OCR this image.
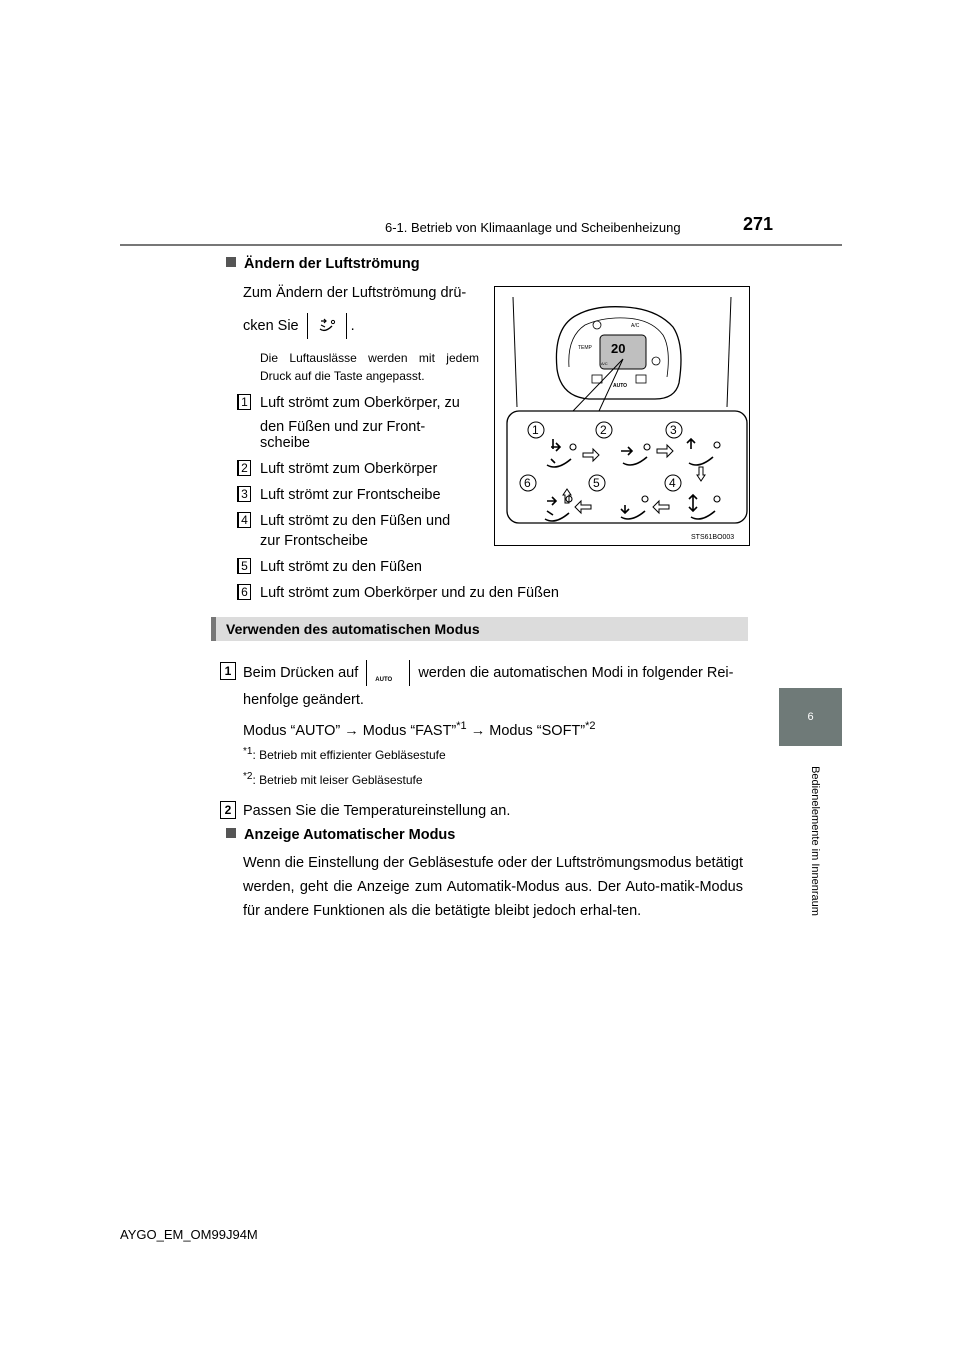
6-1. Betrieb von Klimaanlage und Scheibenheizung	271
6
Bedienelemente im Innenraum
Ändern der Luftströmung
Zum Ändern der Luftströmung drü-
cken Sie	.
Die Luftauslässe werden mit jedem Druck auf die Taste angepasst.
1 Luft strömt zum Oberkörper, zu
den Füßen und zur Front-
scheibe
2 Luft strömt zum Oberkörper
3 Luft strömt zur Frontscheibe
4 Luft strömt zu den Füßen und
zur Frontscheibe
5 Luft strömt zu den Füßen
6 Luft strömt zum Oberkörper und zu den Füßen
20
TEMP
A/C
A/C
AUTO
1	2	3
6	5	4
STS61BO003
Verwenden des automatischen Modus
1 Beim Drücken auf	AUTO werden die automatischen Modi in folgender Rei-
henfolge geändert.
Modus “AUTO” → Modus “FAST”$^{*1}$ → Modus “SOFT”$^{*2}$
$^{*1}$: Betrieb mit effizienter Gebläsestufe
$^{*2}$: Betrieb mit leiser Gebläsestufe
2 Passen Sie die Temperatureinstellung an.
Anzeige Automatischer Modus
Wenn die Einstellung der Gebläsestufe oder der Luftströmungsmodus betätigt werden, geht die Anzeige zum Automatik-Modus aus. Der Auto-matik-Modus für andere Funktionen als die betätigte bleibt jedoch erhal-ten.
AYGO_EM_OM99J94M
